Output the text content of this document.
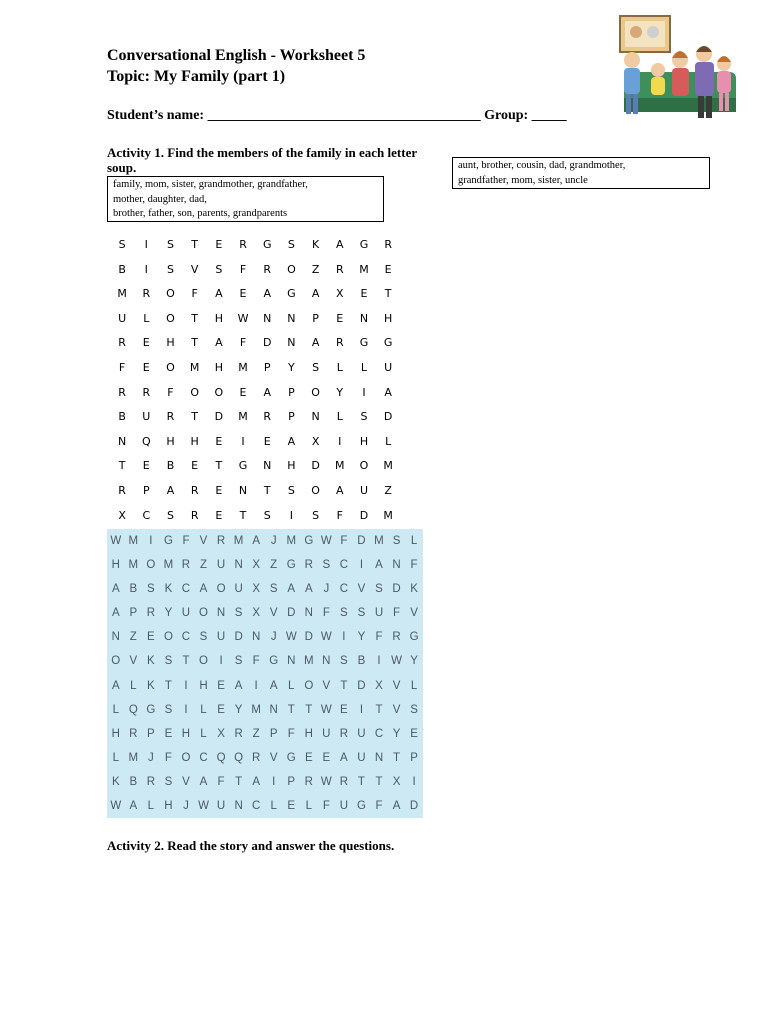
Conversational English - Worksheet 5
Topic: My Family (part 1)
Student’s name: _______________________________________ Group: _____
Activity 1. Find the members of the family in each letter soup.
family, mom, sister, grandmother, grandfather,
mother, daughter, dad,
brother, father, son, parents, grandparents
aunt, brother, cousin, dad, grandmother,
grandfather, mom, sister, uncle
S	I	S	T	E	R	G	S	K	A	G	R
B	I	S	V	S	F	R	O	Z	R	M	E
M	R	O	F	A	E	A	G	A	X	E	T
U	L	O	T	H	W	N	N	P	E	N	H
R	E	H	T	A	F	D	N	A	R	G	G
F	E	O	M	H	M	P	Y	S	L	L	U
R	R	F	O	O	E	A	P	O	Y	I	A
B	U	R	T	D	M	R	P	N	L	S	D
N	Q	H	H	E	I	E	A	X	I	H	L
T	E	B	E	T	G	N	H	D	M	O	M
R	P	A	R	E	N	T	S	O	A	U	Z
X	C	S	R	E	T	S	I	S	F	D	M
W M I G F V R M A J M G W F D M S L
H M O M R Z U N X Z G R S C	I	A N F
A B S K C A O U X S A A J C V S D K
A P R Y U O N S X V D N F S S U F V
N Z E O C S U D N J W D W I	Y F R G
O V K S T O I	S F G N M N S B	I W Y
A L K T	I	H E A	I	A L O V T D X V L
L Q G S	I	L E Y M N T T W E	I	T V S
H R P E H L X R Z P F H U R U C Y E
L M J F O C Q Q R V G E E A U N T P
K B R S V A F T A	I	P R W R T T X	I
W A L H J W U N C L E L F U G F A D
Activity 2. Read the story and answer the questions.
